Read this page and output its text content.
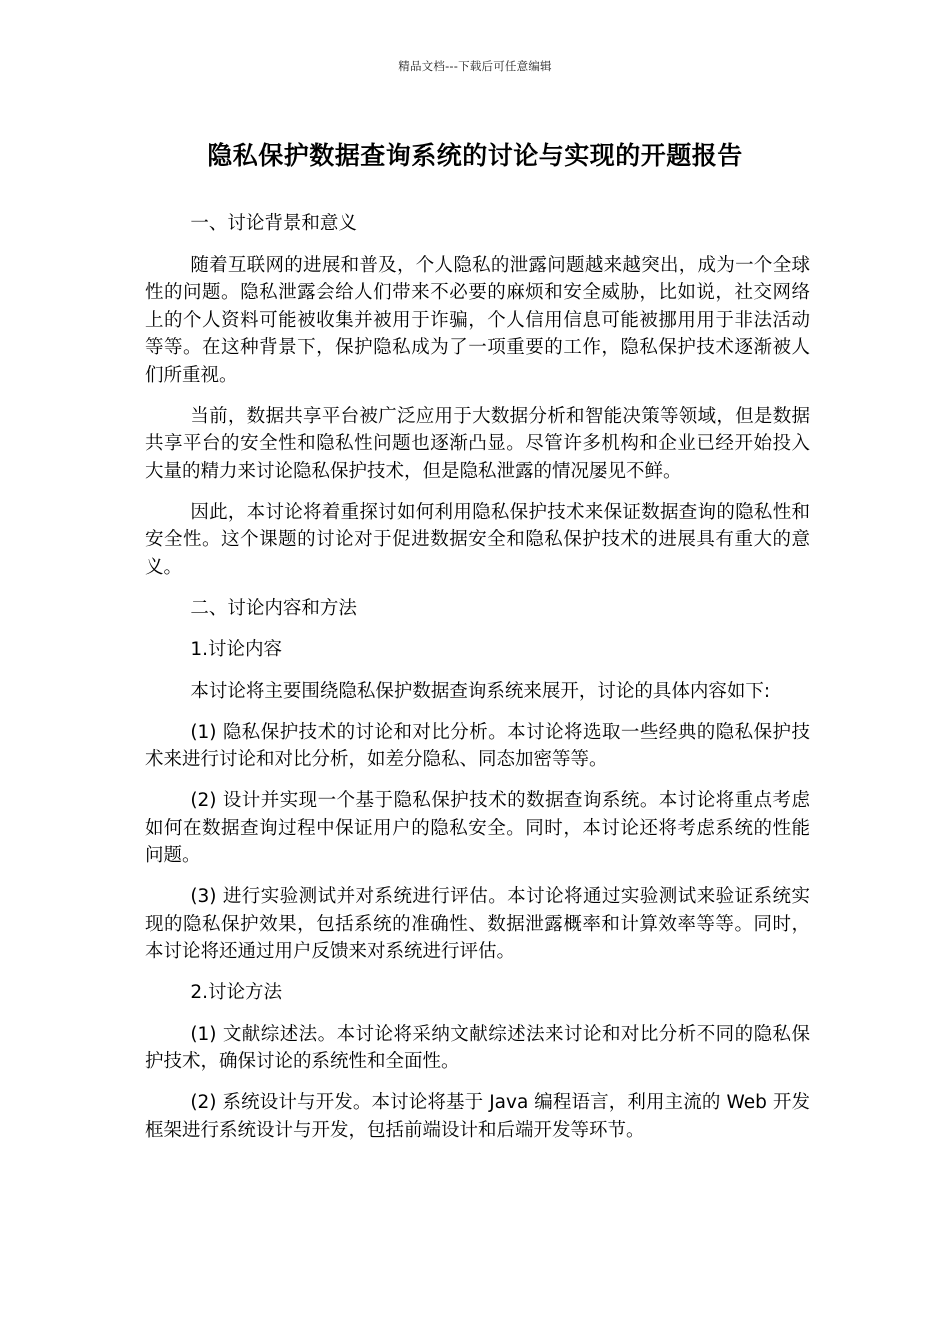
精品文档---下载后可任意编辑
隐私保护数据查询系统的讨论与实现的开题报告

一、讨论背景和意义

随着互联网的进展和普及，个人隐私的泄露问题越来越突出，成为一个全球性的问题。隐私泄露会给人们带来不必要的麻烦和安全威胁，比如说，社交网络上的个人资料可能被收集并被用于诈骗，个人信用信息可能被挪用用于非法活动等等。在这种背景下，保护隐私成为了一项重要的工作，隐私保护技术逐渐被人们所重视。

当前，数据共享平台被广泛应用于大数据分析和智能决策等领域，但是数据共享平台的安全性和隐私性问题也逐渐凸显。尽管许多机构和企业已经开始投入大量的精力来讨论隐私保护技术，但是隐私泄露的情况屡见不鲜。

因此，本讨论将着重探讨如何利用隐私保护技术来保证数据查询的隐私性和安全性。这个课题的讨论对于促进数据安全和隐私保护技术的进展具有重大的意义。

二、讨论内容和方法

1.讨论内容

本讨论将主要围绕隐私保护数据查询系统来展开，讨论的具体内容如下:

(1) 隐私保护技术的讨论和对比分析。本讨论将选取一些经典的隐私保护技术来进行讨论和对比分析，如差分隐私、同态加密等等。

(2) 设计并实现一个基于隐私保护技术的数据查询系统。本讨论将重点考虑如何在数据查询过程中保证用户的隐私安全。同时，本讨论还将考虑系统的性能问题。

(3) 进行实验测试并对系统进行评估。本讨论将通过实验测试来验证系统实现的隐私保护效果，包括系统的准确性、数据泄露概率和计算效率等等。同时，本讨论将还通过用户反馈来对系统进行评估。

2.讨论方法

(1) 文献综述法。本讨论将采纳文献综述法来讨论和对比分析不同的隐私保护技术，确保讨论的系统性和全面性。

(2) 系统设计与开发。本讨论将基于 Java 编程语言，利用主流的 Web 开发框架进行系统设计与开发，包括前端设计和后端开发等环节。
